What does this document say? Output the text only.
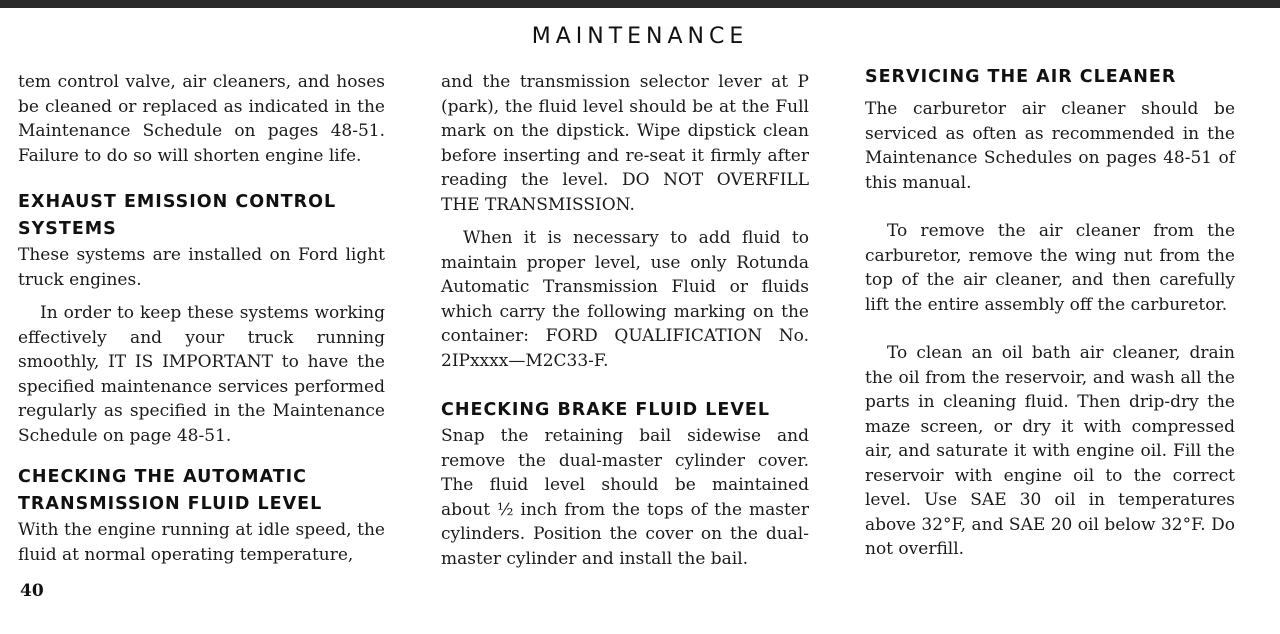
MAINTENANCE

tem control valve, air cleaners, and hoses be cleaned or replaced as indicated in the Maintenance Schedule on pages 48-51. Failure to do so will shorten engine life.

EXHAUST EMISSION CONTROL SYSTEMS

These systems are installed on Ford light truck engines.

In order to keep these systems working effectively and your truck running smoothly, IT IS IMPORTANT to have the specified maintenance services performed regularly as specified in the Maintenance Schedule on page 48-51.

CHECKING THE AUTOMATIC TRANSMISSION FLUID LEVEL

With the engine running at idle speed, the fluid at normal operating temperature,

and the transmission selector lever at P (park), the fluid level should be at the Full mark on the dipstick. Wipe dipstick clean before inserting and re-seat it firmly after reading the level. DO NOT OVERFILL THE TRANSMISSION.

When it is necessary to add fluid to maintain proper level, use only Rotunda Automatic Transmission Fluid or fluids which carry the following marking on the container: FORD QUALIFICATION No. 2IPxxxx—M2C33-F.

CHECKING BRAKE FLUID LEVEL

Snap the retaining bail sidewise and remove the dual-master cylinder cover. The fluid level should be maintained about ½ inch from the tops of the master cylinders. Position the cover on the dual-master cylinder and install the bail.

SERVICING THE AIR CLEANER

The carburetor air cleaner should be serviced as often as recommended in the Maintenance Schedules on pages 48-51 of this manual.

To remove the air cleaner from the carburetor, remove the wing nut from the top of the air cleaner, and then carefully lift the entire assembly off the carburetor.

To clean an oil bath air cleaner, drain the oil from the reservoir, and wash all the parts in cleaning fluid. Then drip-dry the maze screen, or dry it with compressed air, and saturate it with engine oil. Fill the reservoir with engine oil to the correct level. Use SAE 30 oil in temperatures above 32°F, and SAE 20 oil below 32°F. Do not overfill.

40
